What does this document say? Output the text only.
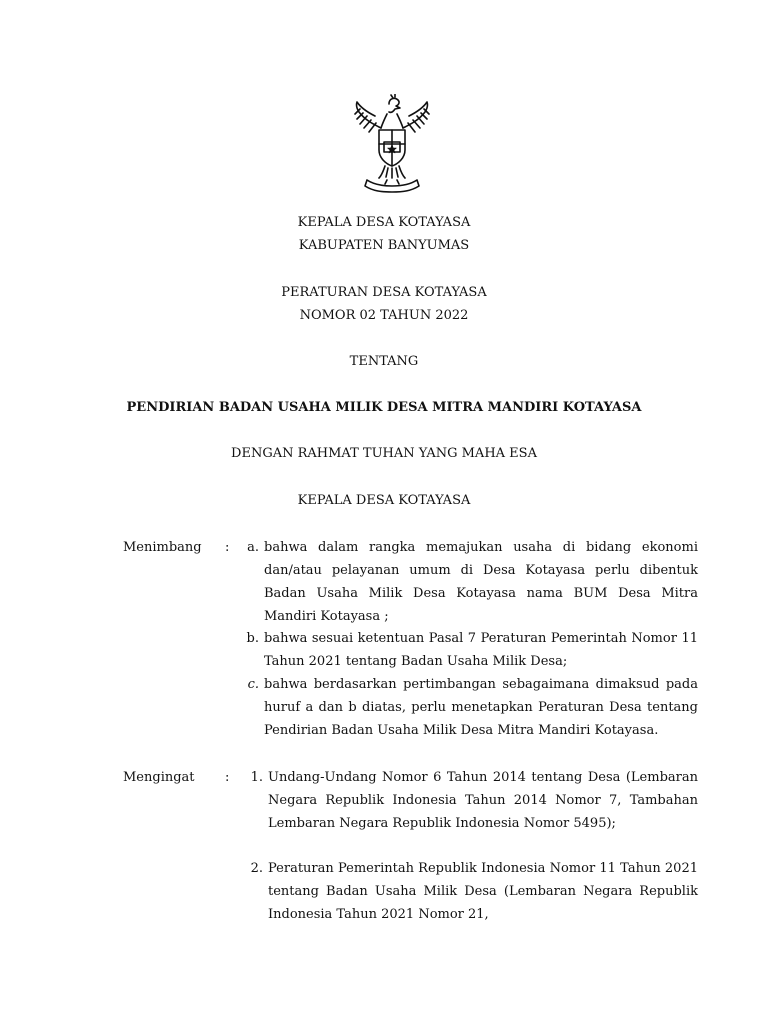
KEPALA DESA KOTAYASA
KABUPATEN BANYUMAS
PERATURAN DESA KOTAYASA
NOMOR 02 TAHUN 2022
TENTANG
PENDIRIAN BADAN USAHA MILIK DESA MITRA MANDIRI KOTAYASA
DENGAN RAHMAT TUHAN YANG MAHA ESA
KEPALA DESA KOTAYASA
Menimbang :	a. bahwa dalam rangka memajukan usaha di bidang ekonomi dan/atau pelayanan umum di Desa Kotayasa perlu dibentuk Badan Usaha Milik Desa Kotayasa nama BUM Desa Mitra Mandiri Kotayasa ;
b. bahwa sesuai ketentuan Pasal 7 Peraturan Pemerintah Nomor 11 Tahun 2021 tentang Badan Usaha Milik Desa;
c. bahwa berdasarkan pertimbangan sebagaimana dimaksud pada huruf a dan b diatas, perlu menetapkan Peraturan Desa tentang Pendirian Badan Usaha Milik Desa Mitra Mandiri Kotayasa.
Mengingat :	1. Undang-Undang Nomor 6 Tahun 2014 tentang Desa (Lembaran Negara Republik Indonesia Tahun 2014 Nomor 7, Tambahan Lembaran Negara Republik Indonesia Nomor 5495);
2. Peraturan Pemerintah Republik Indonesia Nomor 11 Tahun 2021 tentang Badan Usaha Milik Desa (Lembaran Negara Republik Indonesia Tahun 2021 Nomor 21,
